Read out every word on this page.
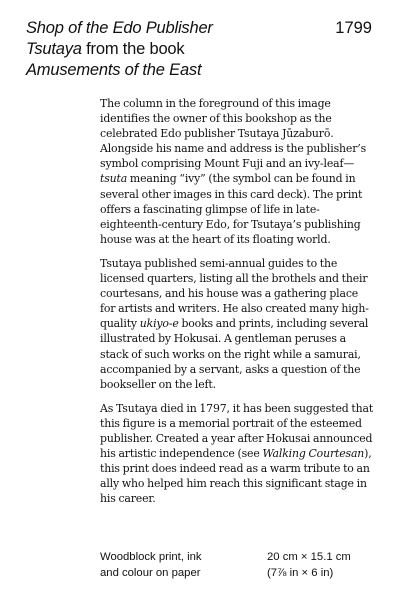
Shop of the Edo Publisher
Tsutaya from the book
Amusements of the East
1799

The column in the foreground of this image identifies the owner of this bookshop as the celebrated Edo publisher Tsutaya Jūzaburō. Alongside his name and address is the publisher’s symbol comprising Mount Fuji and an ivy-leaf—tsuta meaning “ivy” (the symbol can be found in several other images in this card deck). The print offers a fascinating glimpse of life in late-eighteenth-century Edo, for Tsutaya’s publishing house was at the heart of its floating world.

Tsutaya published semi-annual guides to the licensed quarters, listing all the brothels and their courtesans, and his house was a gathering place for artists and writers. He also created many high-quality ukiyo-e books and prints, including several illustrated by Hokusai. A gentleman peruses a stack of such works on the right while a samurai, accompanied by a servant, asks a question of the bookseller on the left.

As Tsutaya died in 1797, it has been suggested that this figure is a memorial portrait of the esteemed publisher. Created a year after Hokusai announced his artistic independence (see Walking Courtesan), this print does indeed read as a warm tribute to an ally who helped him reach this significant stage in his career.

Woodblock print, ink
and colour on paper
20 cm × 15.1 cm
(7⅞ in × 6 in)
